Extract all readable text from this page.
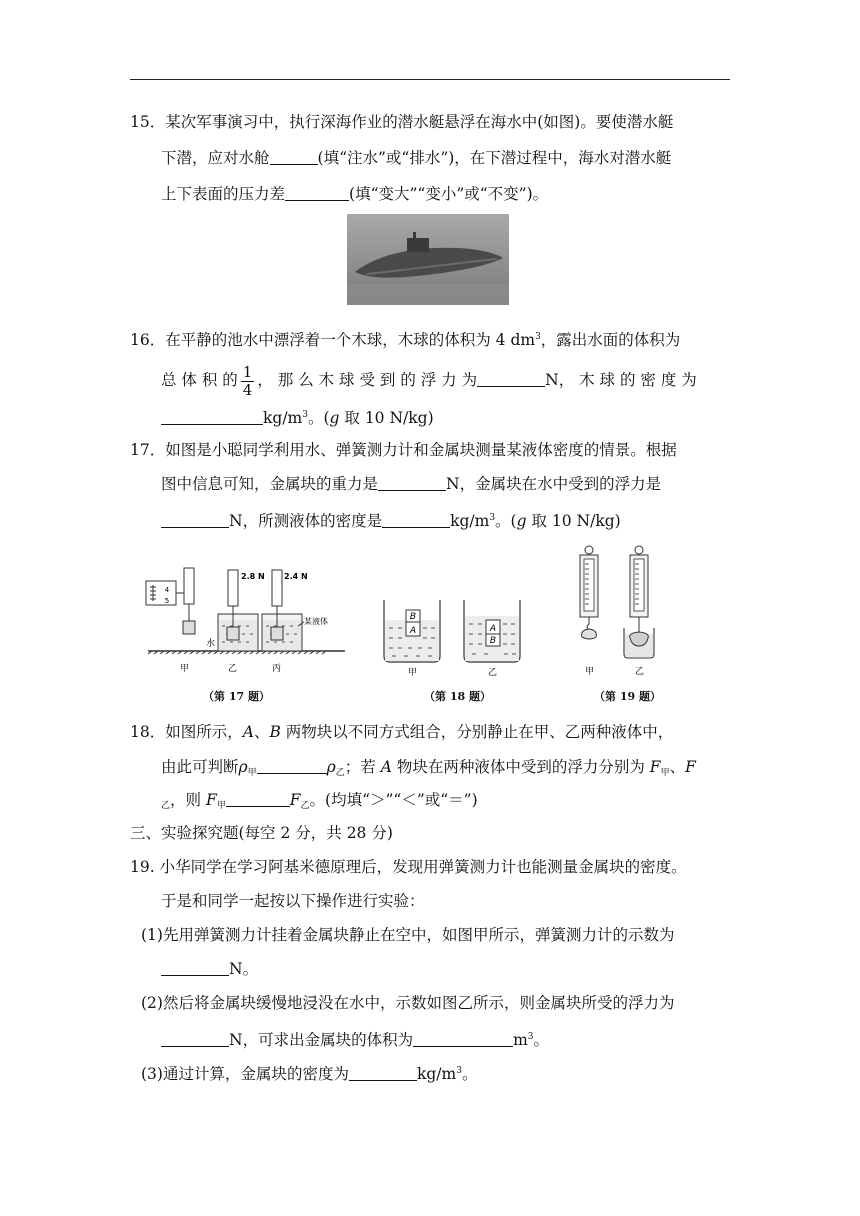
15．某次军事演习中，执行深海作业的潜水艇悬浮在海水中(如图)。要使潜水艇
下潜，应对水舱	(填“注水”或“排水”)，在下潜过程中，海水对潜水艇
上下表面的压力差	(填“变大”“变小”或“不变”)。
16．在平静的池水中漂浮着一个木球，木球的体积为 4 $dm^3$，露出水面的体积为
总 体 积 的 $\frac{1}{4}$ ， 那 么 木 球 受 到 的 浮 力 为	N， 木 球 的 密 度 为
$kg/m^3$。(g 取 10 N/kg)
17．如图是小聪同学利用水、弹簧测力计和金属块测量某液体密度的情景。根据
图中信息可知，金属块的重力是	N，金属块在水中受到的浮力是
N，所测液体的密度是	$kg/m^3$。(g 取 10 N/kg)
4
5
2.8 N
水
2.4 N
某液体
甲	乙	丙
（第 17 题）
B
A	A
B
甲	乙
（第 18 题）
甲	乙
（第 19 题）
18．如图所示，A、B 两物块以不同方式组合，分别静止在甲、乙两种液体中，
由此可判断$\rho_甲$	$\rho_乙$；若 A 物块在两种液体中受到的浮力分别为 $F_甲$、F
$_乙$，则 $F_甲$	$F_乙$。(均填“＞”“＜”或“＝”)
三、实验探究题(每空 2 分，共 28 分)
19. 小华同学在学习阿基米德原理后，发现用弹簧测力计也能测量金属块的密度。
于是和同学一起按以下操作进行实验：
(1)先用弹簧测力计挂着金属块静止在空中，如图甲所示，弹簧测力计的示数为
N。
(2)然后将金属块缓慢地浸没在水中，示数如图乙所示，则金属块所受的浮力为
N，可求出金属块的体积为	$m^3$。
(3)通过计算，金属块的密度为	$kg/m^3$。
